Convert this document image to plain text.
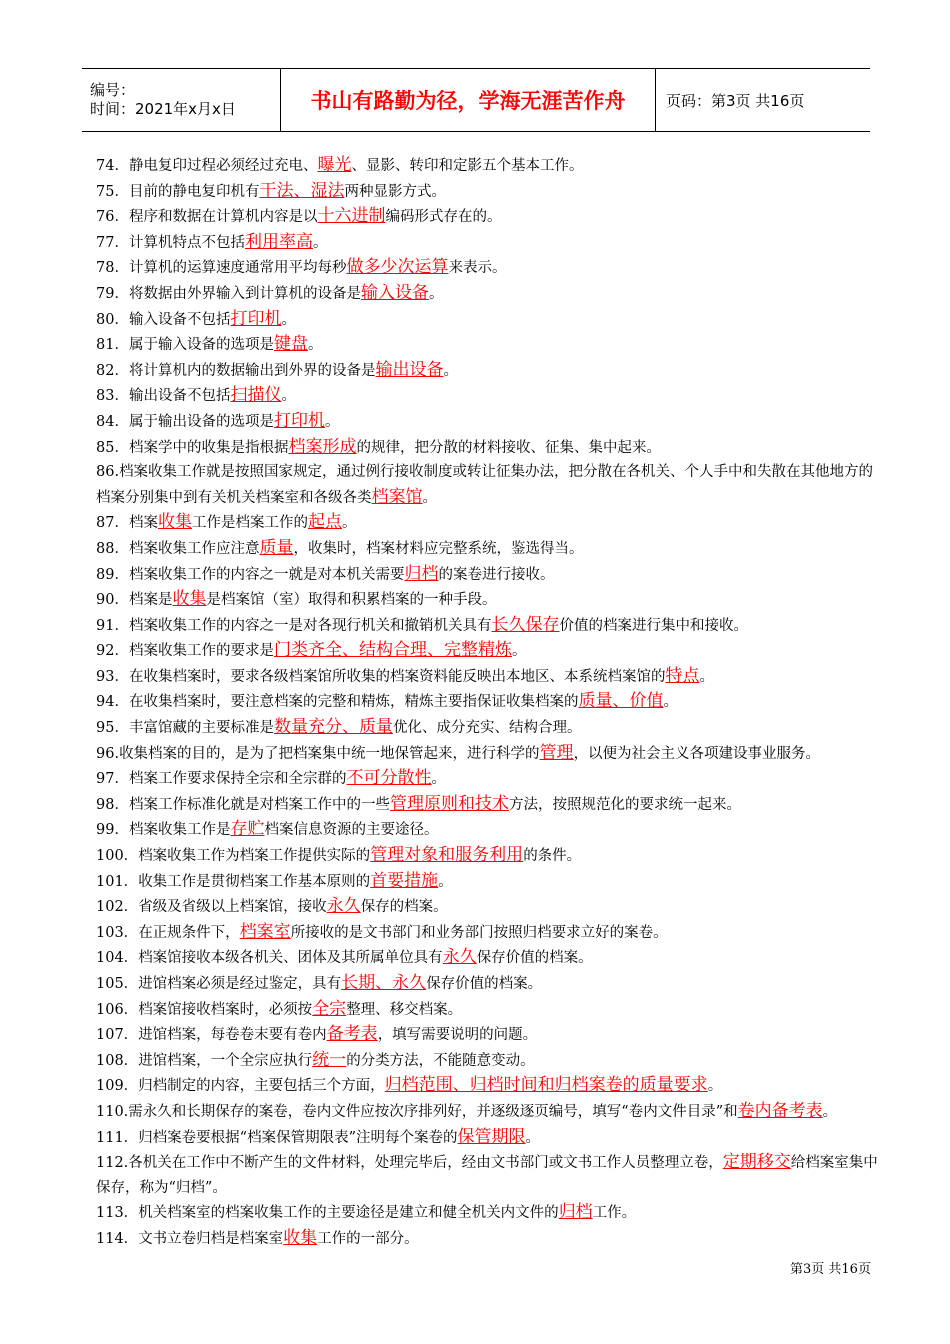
编号：
时间：2021年x月x日	书山有路勤为径，学海无涯苦作舟	页码：第3页 共16页
74．静电复印过程必须经过充电、曝光、显影、转印和定影五个基本工作。
75．目前的静电复印机有干法、湿法两种显影方式。
76．程序和数据在计算机内容是以十六进制编码形式存在的。
77．计算机特点不包括利用率高。
78．计算机的运算速度通常用平均每秒做多少次运算来表示。
79．将数据由外界输入到计算机的设备是输入设备。
80．输入设备不包括打印机。
81．属于输入设备的选项是键盘。
82．将计算机内的数据输出到外界的设备是输出设备。
83．输出设备不包括扫描仪。
84．属于输出设备的选项是打印机。
85．档案学中的收集是指根据档案形成的规律，把分散的材料接收、征集、集中起来。
86.档案收集工作就是按照国家规定，通过例行接收制度或转让征集办法，把分散在各机关、个人手中和失散在其他地方的档案分别集中到有关机关档案室和各级各类档案馆。
87．档案收集工作是档案工作的起点。
88．档案收集工作应注意质量，收集时，档案材料应完整系统，鉴选得当。
89．档案收集工作的内容之一就是对本机关需要归档的案卷进行接收。
90．档案是收集是档案馆（室）取得和积累档案的一种手段。
91．档案收集工作的内容之一是对各现行机关和撤销机关具有长久保存价值的档案进行集中和接收。
92．档案收集工作的要求是门类齐全、结构合理、完整精炼。
93．在收集档案时，要求各级档案馆所收集的档案资料能反映出本地区、本系统档案馆的特点。
94．在收集档案时，要注意档案的完整和精炼，精炼主要指保证收集档案的质量、价值。
95．丰富馆藏的主要标准是数量充分、质量优化、成分充实、结构合理。
96.收集档案的目的，是为了把档案集中统一地保管起来，进行科学的管理，以便为社会主义各项建设事业服务。
97．档案工作要求保持全宗和全宗群的不可分散性。
98．档案工作标准化就是对档案工作中的一些管理原则和技术方法，按照规范化的要求统一起来。
99．档案收集工作是存贮档案信息资源的主要途径。
100．档案收集工作为档案工作提供实际的管理对象和服务利用的条件。
101．收集工作是贯彻档案工作基本原则的首要措施。
102．省级及省级以上档案馆，接收永久保存的档案。
103．在正规条件下，档案室所接收的是文书部门和业务部门按照归档要求立好的案卷。
104．档案馆接收本级各机关、团体及其所属单位具有永久保存价值的档案。
105．进馆档案必须是经过鉴定，具有长期、永久保存价值的档案。
106．档案馆接收档案时，必须按全宗整理、移交档案。
107．进馆档案，每卷卷末要有卷内备考表，填写需要说明的问题。
108．进馆档案，一个全宗应执行统一的分类方法，不能随意变动。
109．归档制定的内容，主要包括三个方面，归档范围、归档时间和归档案卷的质量要求。
110.需永久和长期保存的案卷，卷内文件应按次序排列好，并逐级逐页编号，填写“卷内文件目录”和卷内备考表。
111．归档案卷要根据“档案保管期限表”注明每个案卷的保管期限。
112.各机关在工作中不断产生的文件材料，处理完毕后，经由文书部门或文书工作人员整理立卷，定期移交给档案室集中保存，称为“归档”。
113．机关档案室的档案收集工作的主要途径是建立和健全机关内文件的归档工作。
114．文书立卷归档是档案室收集工作的一部分。
第3页 共16页
